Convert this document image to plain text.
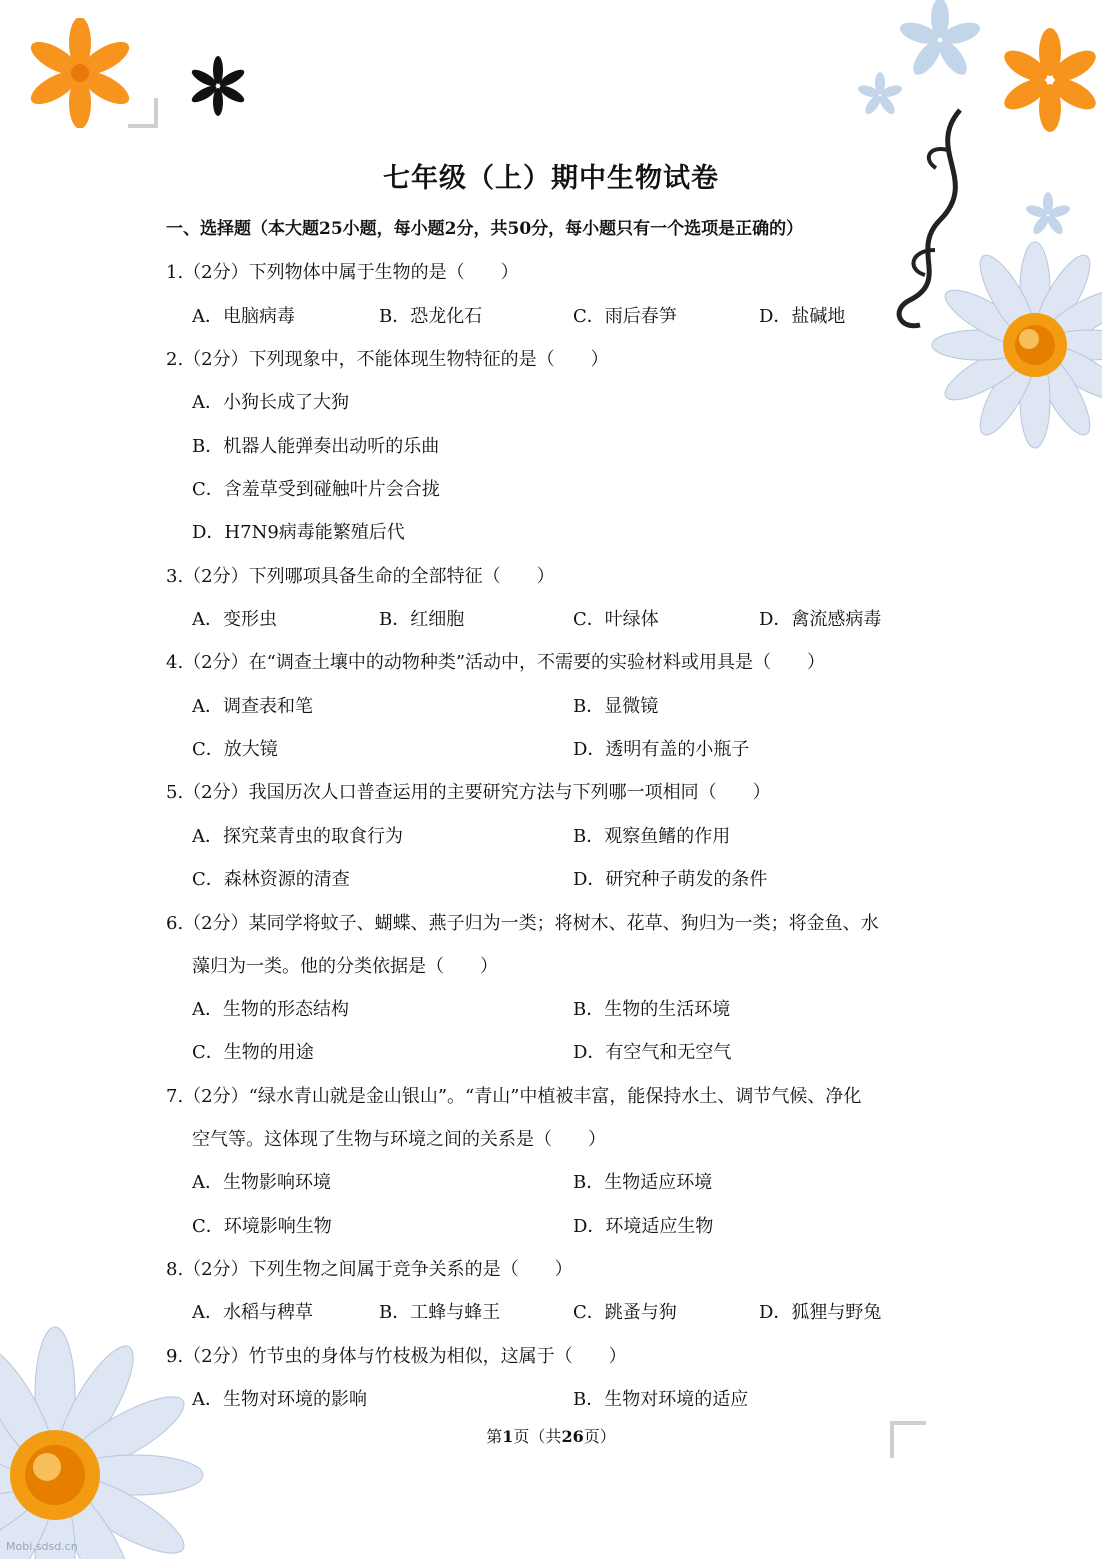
七年级（上）期中生物试卷
一、选择题（本大题25小题，每小题2分，共50分，每小题只有一个选项是正确的）
1.（2分）下列物体中属于生物的是（　　）
A．电脑病毒	B．恐龙化石	C．雨后春笋	D．盐碱地
2.（2分）下列现象中，不能体现生物特征的是（　　）
A．小狗长成了大狗
B．机器人能弹奏出动听的乐曲
C．含羞草受到碰触叶片会合拢
D．H7N9病毒能繁殖后代
3.（2分）下列哪项具备生命的全部特征（　　）
A．变形虫	B．红细胞	C．叶绿体	D．禽流感病毒
4.（2分）在“调查土壤中的动物种类”活动中，不需要的实验材料或用具是（　　）
A．调查表和笔	B．显微镜
C．放大镜	D．透明有盖的小瓶子
5.（2分）我国历次人口普查运用的主要研究方法与下列哪一项相同（　　）
A．探究菜青虫的取食行为	B．观察鱼鳍的作用
C．森林资源的清查	D．研究种子萌发的条件
6.（2分）某同学将蚊子、蝴蝶、燕子归为一类；将树木、花草、狗归为一类；将金鱼、水
藻归为一类。他的分类依据是（　　）
A．生物的形态结构	B．生物的生活环境
C．生物的用途	D．有空气和无空气
7.（2分）“绿水青山就是金山银山”。“青山”中植被丰富，能保持水土、调节气候、净化
空气等。这体现了生物与环境之间的关系是（　　）
A．生物影响环境	B．生物适应环境
C．环境影响生物	D．环境适应生物
8.（2分）下列生物之间属于竞争关系的是（　　）
A．水稻与稗草	B．工蜂与蜂王	C．跳蚤与狗	D．狐狸与野兔
9.（2分）竹节虫的身体与竹枝极为相似，这属于（　　）
A．生物对环境的影响	B．生物对环境的适应
第1页（共26页）
Mobi.sdsd.cn
